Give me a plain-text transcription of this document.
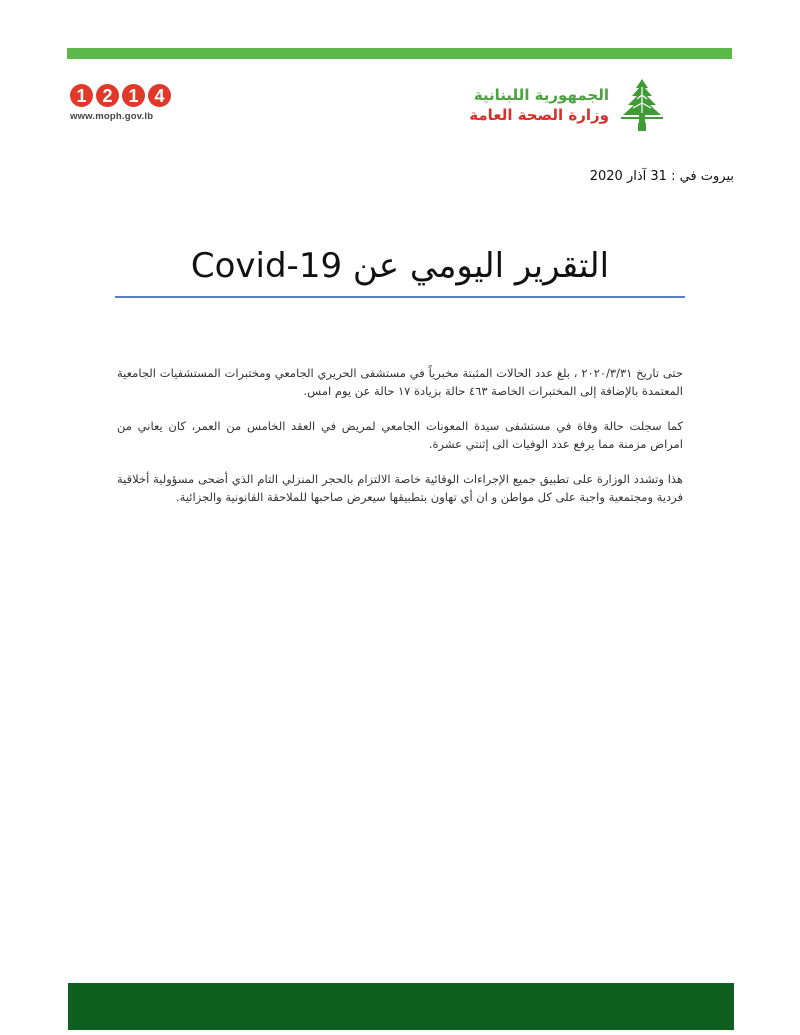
1 2 1 4
www.moph.gov.lb
الجمهورية اللبنانية
وزارة الصحة العامة
بيروت في : 31 آذار 2020
التقرير اليومي عن Covid-19

حتى تاريخ ٢٠٢٠/٣/٣١ ، بلغ عدد الحالات المثبتة مخبرياً في مستشفى الحريري الجامعي ومختبرات المستشفيات الجامعية المعتمدة بالإضافة إلى المختبرات الخاصة ٤٦٣ حالة بزيادة ١٧ حالة عن يوم امس.

كما سجلت حالة وفاة في مستشفى سيدة المعونات الجامعي لمريض في العقد الخامس من العمر، كان يعاني من امراض مزمنة مما يرفع عدد الوفيات الى إثنتي عشرة.

هذا وتشدد الوزارة على تطبيق جميع الإجراءات الوقائية خاصة الالتزام بالحجر المنزلي التام الذي أضحى مسؤولية أخلاقية فردية ومجتمعية واجبة على كل مواطن و ان أي تهاون بتطبيقها سيعرض صاحبها للملاحقة القانونية والجزائية.
